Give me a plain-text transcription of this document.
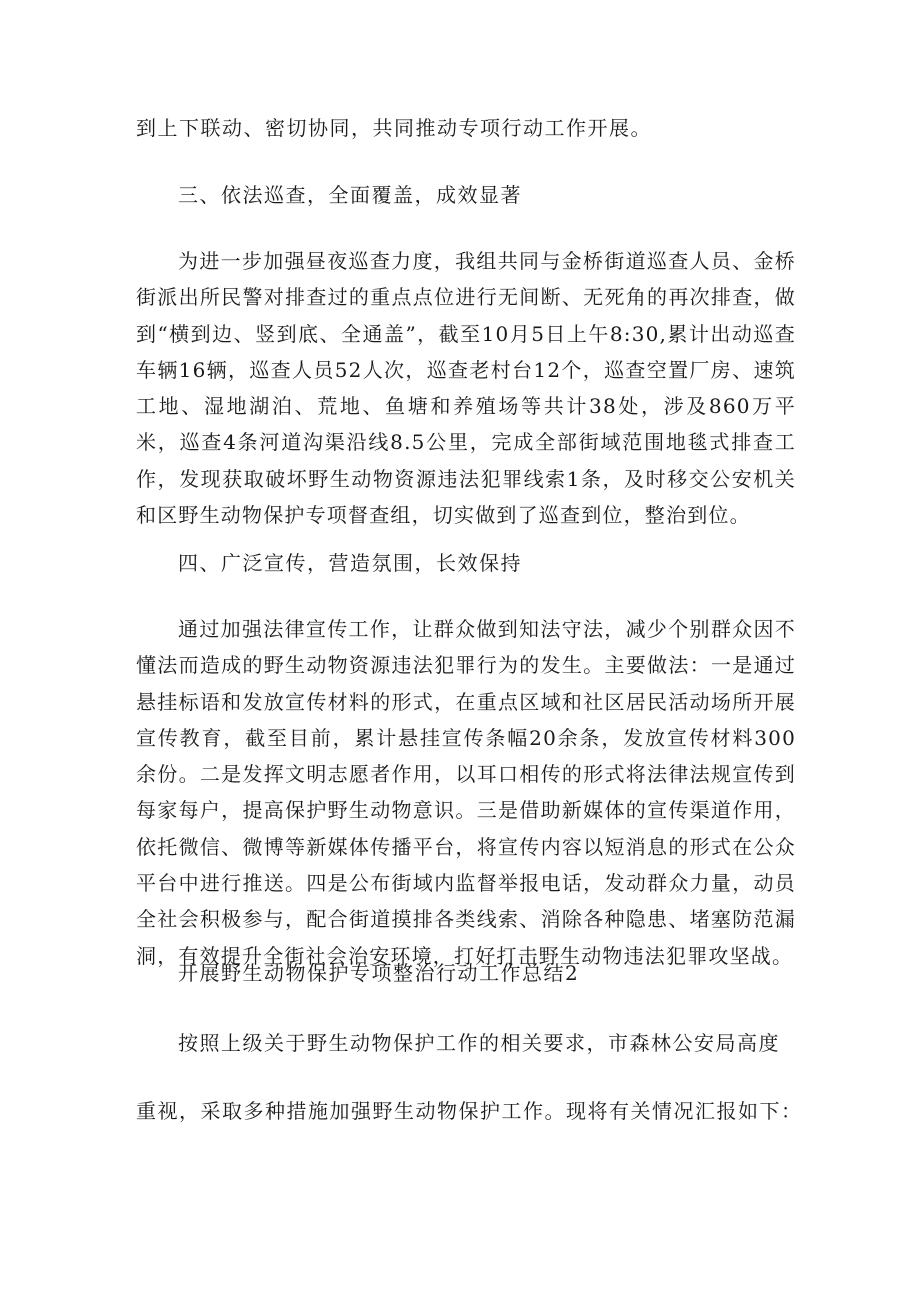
到上下联动、密切协同，共同推动专项行动工作开展。
三、依法巡查，全面覆盖，成效显著
为进一步加强昼夜巡查力度，我组共同与金桥街道巡查人员、金桥街派出所民警对排查过的重点点位进行无间断、无死角的再次排查，做到“横到边、竖到底、全通盖”，截至10月5日上午8:30,累计出动巡查车辆16辆，巡查人员52人次，巡查老村台12个，巡查空置厂房、速筑工地、湿地湖泊、荒地、鱼塘和养殖场等共计38处，涉及860万平米，巡查4条河道沟渠沿线8.5公里，完成全部街域范围地毯式排查工作，发现获取破坏野生动物资源违法犯罪线索1条，及时移交公安机关和区野生动物保护专项督查组，切实做到了巡查到位，整治到位。
四、广泛宣传，营造氛围，长效保持
通过加强法律宣传工作，让群众做到知法守法，减少个别群众因不懂法而造成的野生动物资源违法犯罪行为的发生。主要做法：一是通过悬挂标语和发放宣传材料的形式，在重点区域和社区居民活动场所开展宣传教育，截至目前，累计悬挂宣传条幅20余条，发放宣传材料300余份。二是发挥文明志愿者作用，以耳口相传的形式将法律法规宣传到每家每户，提高保护野生动物意识。三是借助新媒体的宣传渠道作用，依托微信、微博等新媒体传播平台，将宣传内容以短消息的形式在公众平台中进行推送。四是公布街域内监督举报电话，发动群众力量，动员全社会积极参与，配合街道摸排各类线索、消除各种隐患、堵塞防范漏洞，有效提升全街社会治安环境，打好打击野生动物违法犯罪攻坚战。
开展野生动物保护专项整治行动工作总结2
按照上级关于野生动物保护工作的相关要求，市森林公安局高度
重视，采取多种措施加强野生动物保护工作。现将有关情况汇报如下：
